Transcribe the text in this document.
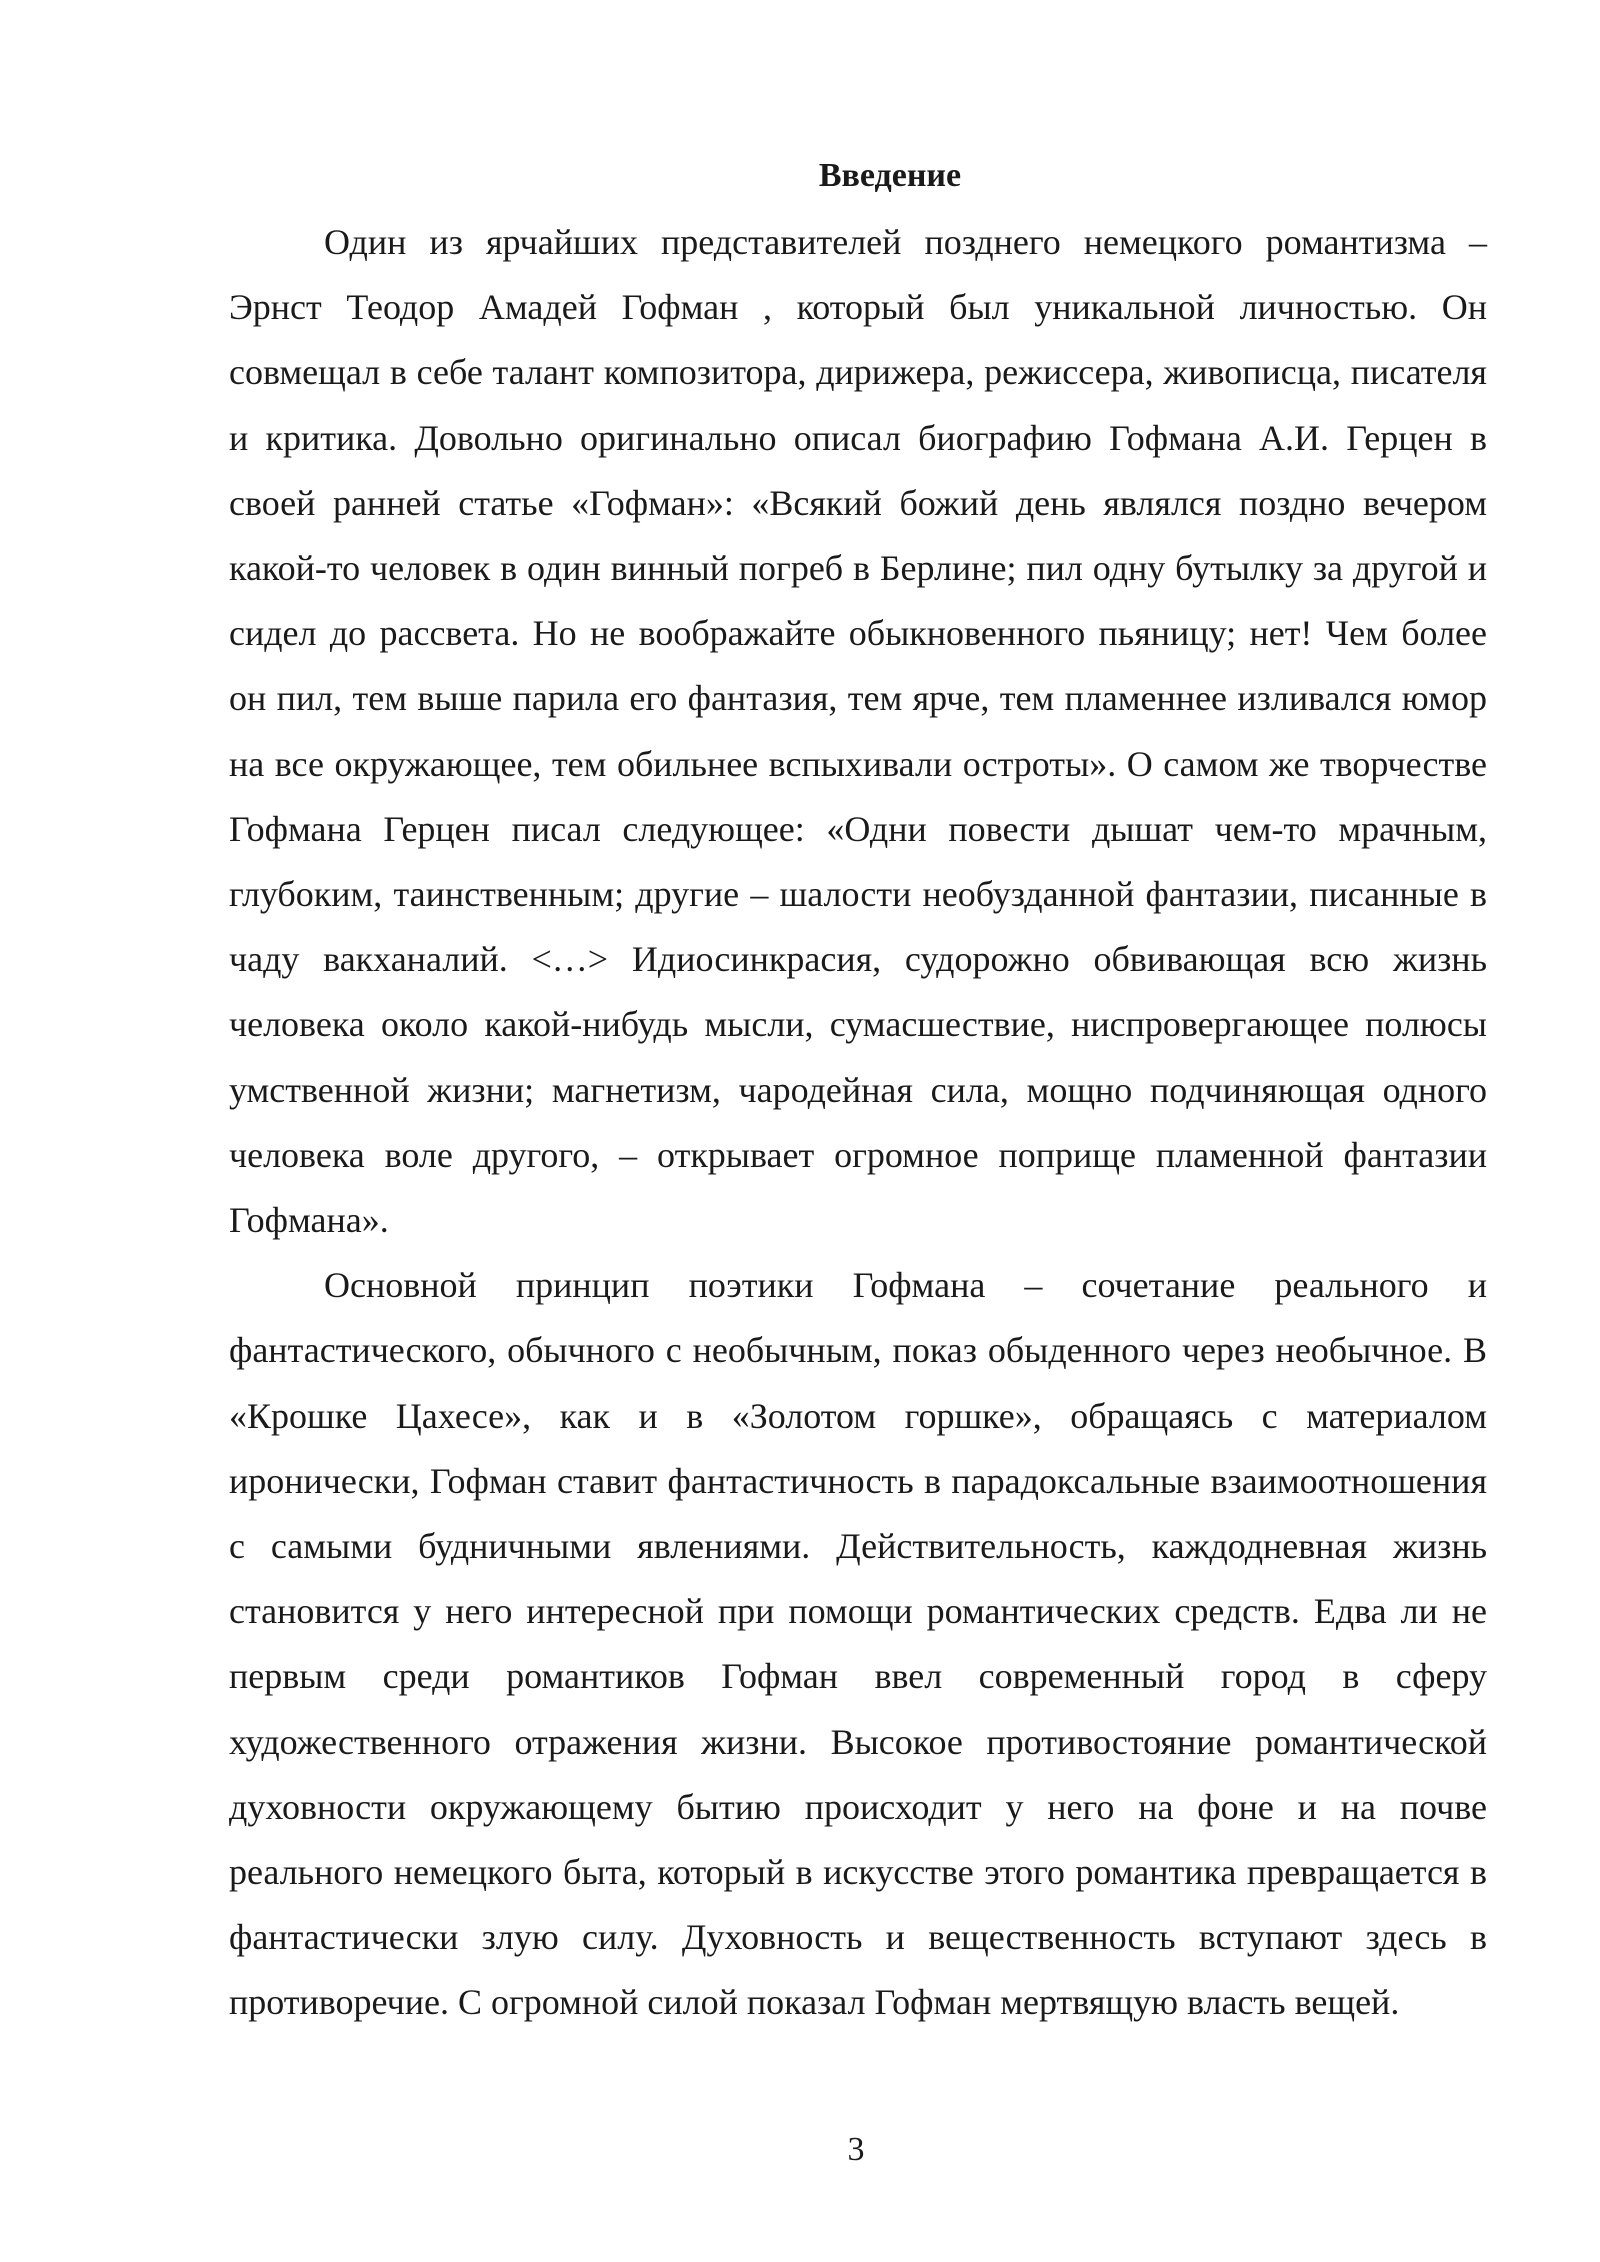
Введение

Один из ярчайших представителей позднего немецкого романтизма – Эрнст Теодор Амадей Гофман , который был уникальной личностью. Он совмещал в себе талант композитора, дирижера, режиссера, живописца, писателя и критика. Довольно оригинально описал биографию Гофмана А.И. Герцен в своей ранней статье «Гофман»: «Всякий божий день являлся поздно вечером какой-то человек в один винный погреб в Берлине; пил одну бутылку за другой и сидел до рассвета. Но не воображайте обыкновенного пьяницу; нет! Чем более он пил, тем выше парила его фантазия, тем ярче, тем пламеннее изливался юмор на все окружающее, тем обильнее вспыхивали остроты». О самом же творчестве Гофмана Герцен писал следующее: «Одни повести дышат чем-то мрачным, глубоким, таинственным; другие – шалости необузданной фантазии, писанные в чаду вакханалий. <…> Идиосинкрасия, судорожно обвивающая всю жизнь человека около какой-нибудь мысли, сумасшествие, ниспровергающее полюсы умственной жизни; магнетизм, чародейная сила, мощно подчиняющая одного человека воле другого, – открывает огромное поприще пламенной фантазии Гофмана».

Основной принцип поэтики Гофмана – сочетание реального и фантастического, обычного с необычным, показ обыденного через необычное. В «Крошке Цахесе», как и в «Золотом горшке», обращаясь с материалом иронически, Гофман ставит фантастичность в парадоксальные взаимоотношения с самыми будничными явлениями. Действительность, каждодневная жизнь становится у него интересной при помощи романтических средств. Едва ли не первым среди романтиков Гофман ввел современный город в сферу художественного отражения жизни. Высокое противостояние романтической духовности окружающему бытию происходит у него на фоне и на почве реального немецкого быта, который в искусстве этого романтика превращается в фантастически злую силу. Духовность и вещественность вступают здесь в противоречие. С огромной силой показал Гофман мертвящую власть вещей.

3
